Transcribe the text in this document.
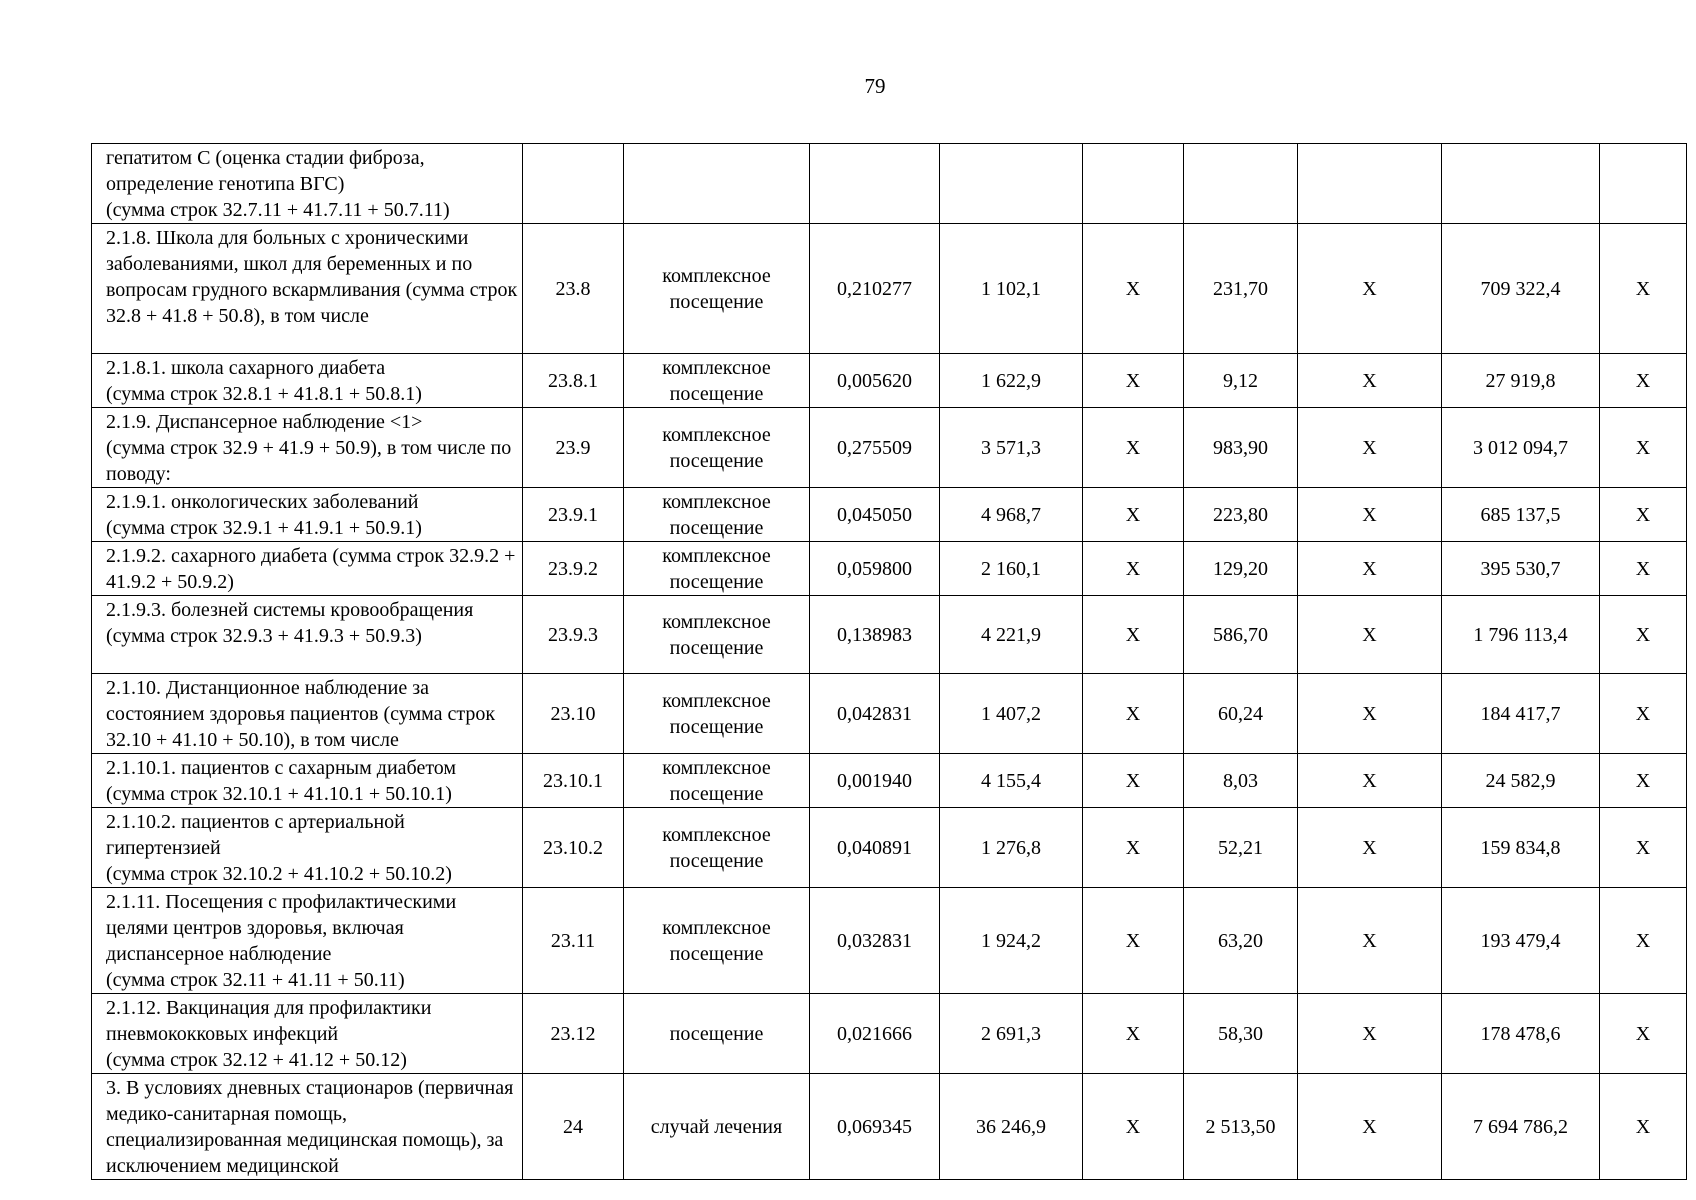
79
гепатитом С (оценка стадии фиброза,
определение генотипа ВГС)
(сумма строк 32.7.11 + 41.7.11 + 50.7.11)									

2.1.8. Школа для больных с хроническими заболеваниями, школ для беременных и по вопросам грудного вскармливания (сумма строк 32.8 + 41.8 + 50.8), в том числе	23.8	комплексное посещение	0,210277	1 102,1	Х	231,70	Х	709 322,4	Х

2.1.8.1. школа сахарного диабета
(сумма строк 32.8.1 + 41.8.1 + 50.8.1)	23.8.1	комплексное посещение	0,005620	1 622,9	Х	9,12	Х	27 919,8	Х

2.1.9. Диспансерное наблюдение <1>
(сумма строк 32.9 + 41.9 + 50.9), в том числе по поводу:	23.9	комплексное посещение	0,275509	3 571,3	Х	983,90	Х	3 012 094,7	Х

2.1.9.1. онкологических заболеваний
(сумма строк 32.9.1 + 41.9.1 + 50.9.1)	23.9.1	комплексное посещение	0,045050	4 968,7	Х	223,80	Х	685 137,5	Х

2.1.9.2. сахарного диабета (сумма строк 32.9.2 + 41.9.2 + 50.9.2)	23.9.2	комплексное посещение	0,059800	2 160,1	Х	129,20	Х	395 530,7	Х

2.1.9.3. болезней системы кровообращения (сумма строк 32.9.3 + 41.9.3 + 50.9.3)	23.9.3	комплексное посещение	0,138983	4 221,9	Х	586,70	Х	1 796 113,4	Х

2.1.10. Дистанционное наблюдение за состоянием здоровья пациентов (сумма строк 32.10 + 41.10 + 50.10), в том числе	23.10	комплексное посещение	0,042831	1 407,2	Х	60,24	Х	184 417,7	Х

2.1.10.1. пациентов с сахарным диабетом
(сумма строк 32.10.1 + 41.10.1 + 50.10.1)	23.10.1	комплексное посещение	0,001940	4 155,4	Х	8,03	Х	24 582,9	Х

2.1.10.2. пациентов с артериальной гипертензией
(сумма строк 32.10.2 + 41.10.2 + 50.10.2)	23.10.2	комплексное посещение	0,040891	1 276,8	Х	52,21	Х	159 834,8	Х

2.1.11. Посещения с профилактическими целями центров здоровья, включая диспансерное наблюдение
(сумма строк 32.11 + 41.11 + 50.11)	23.11	комплексное посещение	0,032831	1 924,2	Х	63,20	Х	193 479,4	Х

2.1.12. Вакцинация для профилактики пневмококковых инфекций
(сумма строк 32.12 + 41.12 + 50.12)	23.12	посещение	0,021666	2 691,3	Х	58,30	Х	178 478,6	Х

3. В условиях дневных стационаров (первичная медико-санитарная помощь, специализированная медицинская помощь), за исключением медицинской	24	случай лечения	0,069345	36 246,9	Х	2 513,50	Х	7 694 786,2	Х
